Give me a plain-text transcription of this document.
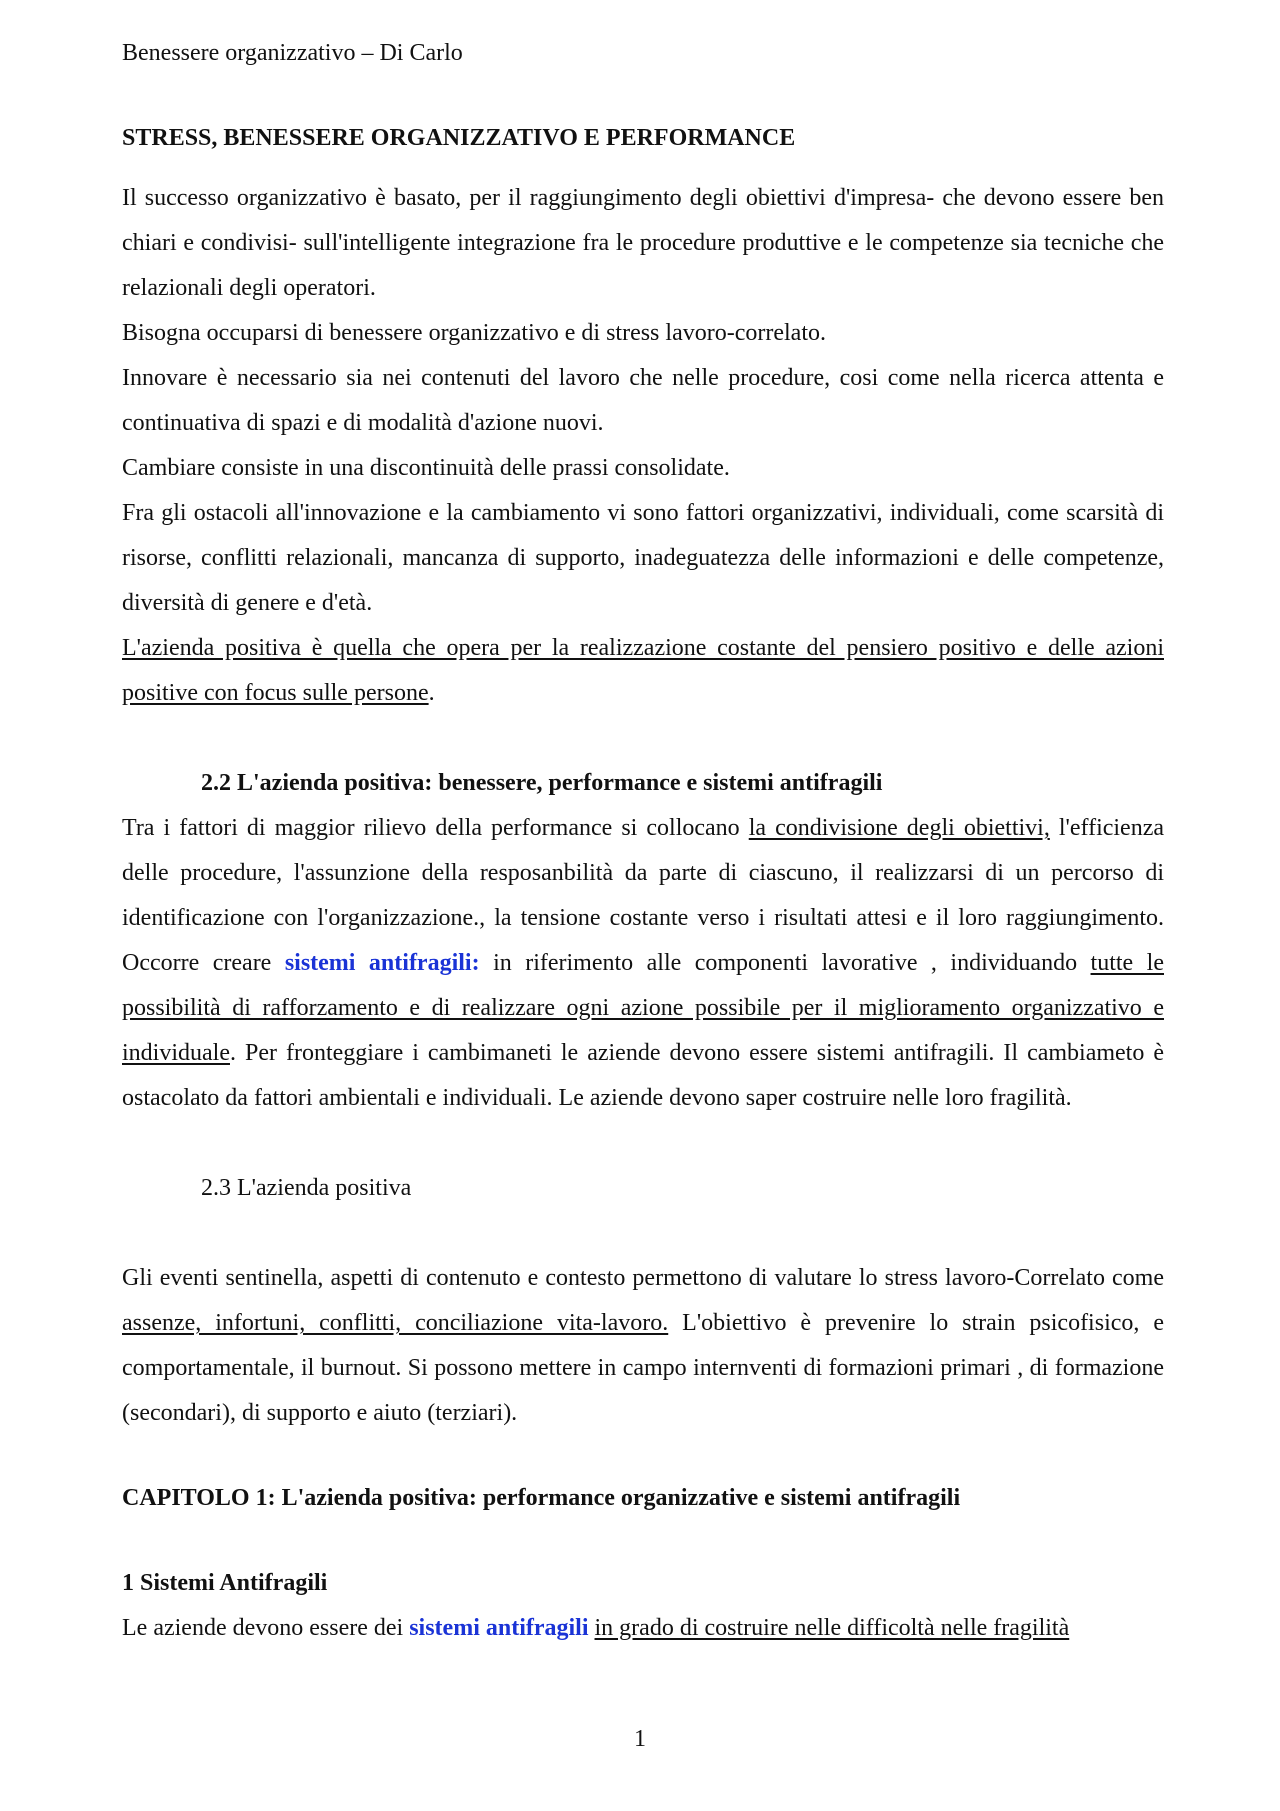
Benessere organizzativo – Di Carlo
STRESS, BENESSERE ORGANIZZATIVO E PERFORMANCE

Il successo organizzativo è basato, per il raggiungimento degli obiettivi d'impresa- che devono essere ben chiari e condivisi- sull'intelligente integrazione fra le procedure produttive e le competenze sia tecniche che relazionali degli operatori.

Bisogna occuparsi di benessere organizzativo e di stress lavoro-correlato.

Innovare è necessario sia nei contenuti del lavoro che nelle procedure, cosi come nella ricerca attenta e continuativa di spazi e di modalità d'azione nuovi.

Cambiare consiste in una discontinuità delle prassi consolidate.

Fra gli ostacoli all'innovazione e la cambiamento vi sono fattori organizzativi, individuali, come scarsità di risorse, conflitti relazionali, mancanza di supporto, inadeguatezza delle informazioni e delle competenze, diversità di genere e d'età.

L'azienda positiva è quella che opera per la realizzazione costante del pensiero positivo e delle azioni positive con focus sulle persone.

2.2 L'azienda positiva: benessere, performance e sistemi antifragili

Tra i fattori di maggior rilievo della performance si collocano la condivisione degli obiettivi, l'efficienza delle procedure, l'assunzione della resposanbilità da parte di ciascuno, il realizzarsi di un percorso di identificazione con l'organizzazione., la tensione costante verso i risultati attesi e il loro raggiungimento. Occorre creare sistemi antifragili: in riferimento alle componenti lavorative , individuando tutte le possibilità di rafforzamento e di realizzare ogni azione possibile per il miglioramento organizzativo e individuale. Per fronteggiare i cambimaneti le aziende devono essere sistemi antifragili. Il cambiameto è ostacolato da fattori ambientali e individuali. Le aziende devono saper costruire nelle loro fragilità.

2.3 L'azienda positiva

Gli eventi sentinella, aspetti di contenuto e contesto permettono di valutare lo stress lavoro-Correlato come assenze, infortuni, conflitti, conciliazione vita-lavoro. L'obiettivo è prevenire lo strain psicofisico, e comportamentale, il burnout. Si possono mettere in campo internventi di formazioni primari , di formazione (secondari), di supporto e aiuto (terziari).

CAPITOLO 1: L'azienda positiva: performance organizzative e sistemi antifragili
1 Sistemi Antifragili

Le aziende devono essere dei sistemi antifragili in grado di costruire nelle difficoltà nelle fragilità

1
